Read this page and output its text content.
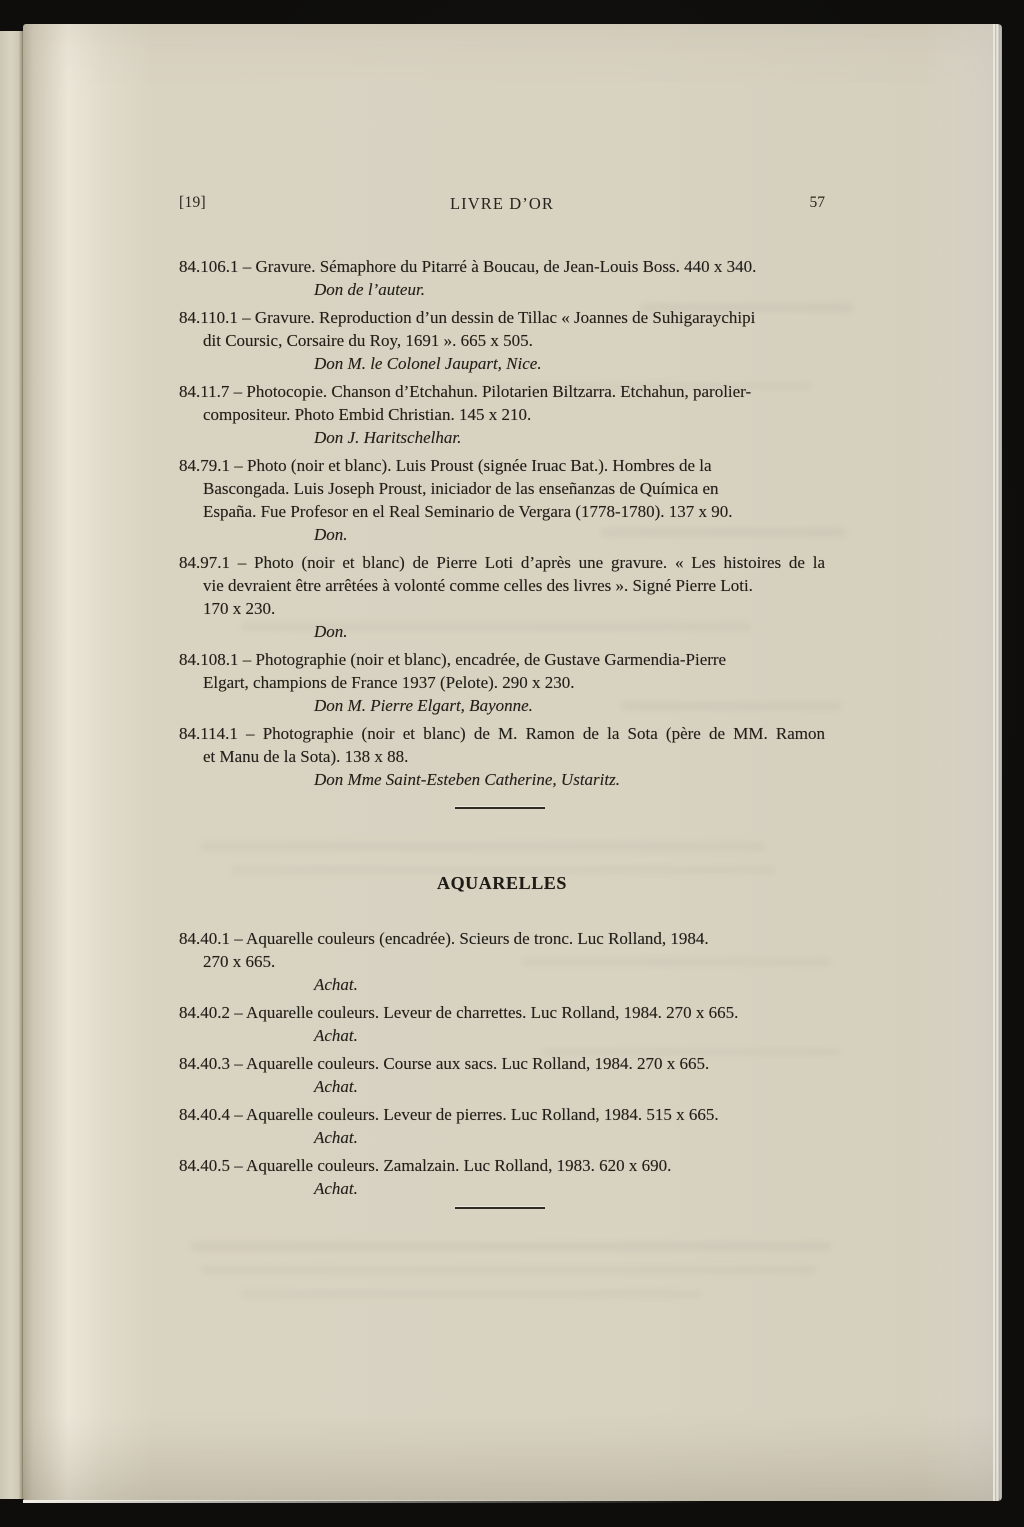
[19]	LIVRE D’OR	57
84.106.1 – Gravure. Sémaphore du Pitarré à Boucau, de Jean-Louis Boss. 440 x 340.
Don de l’auteur.
84.110.1 – Gravure. Reproduction d’un dessin de Tillac « Joannes de Suhigaraychipi
dit Coursic, Corsaire du Roy, 1691 ». 665 x 505.
Don M. le Colonel Jaupart, Nice.
84.11.7 – Photocopie. Chanson d’Etchahun. Pilotarien Biltzarra. Etchahun, parolier-
compositeur. Photo Embid Christian. 145 x 210.
Don J. Haritschelhar.
84.79.1 – Photo (noir et blanc). Luis Proust (signée Iruac Bat.). Hombres de la
Bascongada. Luis Joseph Proust, iniciador de las enseñanzas de Química en
España. Fue Profesor en el Real Seminario de Vergara (1778-1780). 137 x 90.
Don.
84.97.1 – Photo (noir et blanc) de Pierre Loti d’après une gravure. « Les histoires de la
vie devraient être arrêtées à volonté comme celles des livres ». Signé Pierre Loti.
170 x 230.
Don.
84.108.1 – Photographie (noir et blanc), encadrée, de Gustave Garmendia-Pierre
Elgart, champions de France 1937 (Pelote). 290 x 230.
Don M. Pierre Elgart, Bayonne.
84.114.1 – Photographie (noir et blanc) de M. Ramon de la Sota (père de MM. Ramon
et Manu de la Sota). 138 x 88.
Don Mme Saint-Esteben Catherine, Ustaritz.
AQUARELLES
84.40.1 – Aquarelle couleurs (encadrée). Scieurs de tronc. Luc Rolland, 1984.
270 x 665.
Achat.
84.40.2 – Aquarelle couleurs. Leveur de charrettes. Luc Rolland, 1984. 270 x 665.
Achat.
84.40.3 – Aquarelle couleurs. Course aux sacs. Luc Rolland, 1984. 270 x 665.
Achat.
84.40.4 – Aquarelle couleurs. Leveur de pierres. Luc Rolland, 1984. 515 x 665.
Achat.
84.40.5 – Aquarelle couleurs. Zamalzain. Luc Rolland, 1983. 620 x 690.
Achat.
